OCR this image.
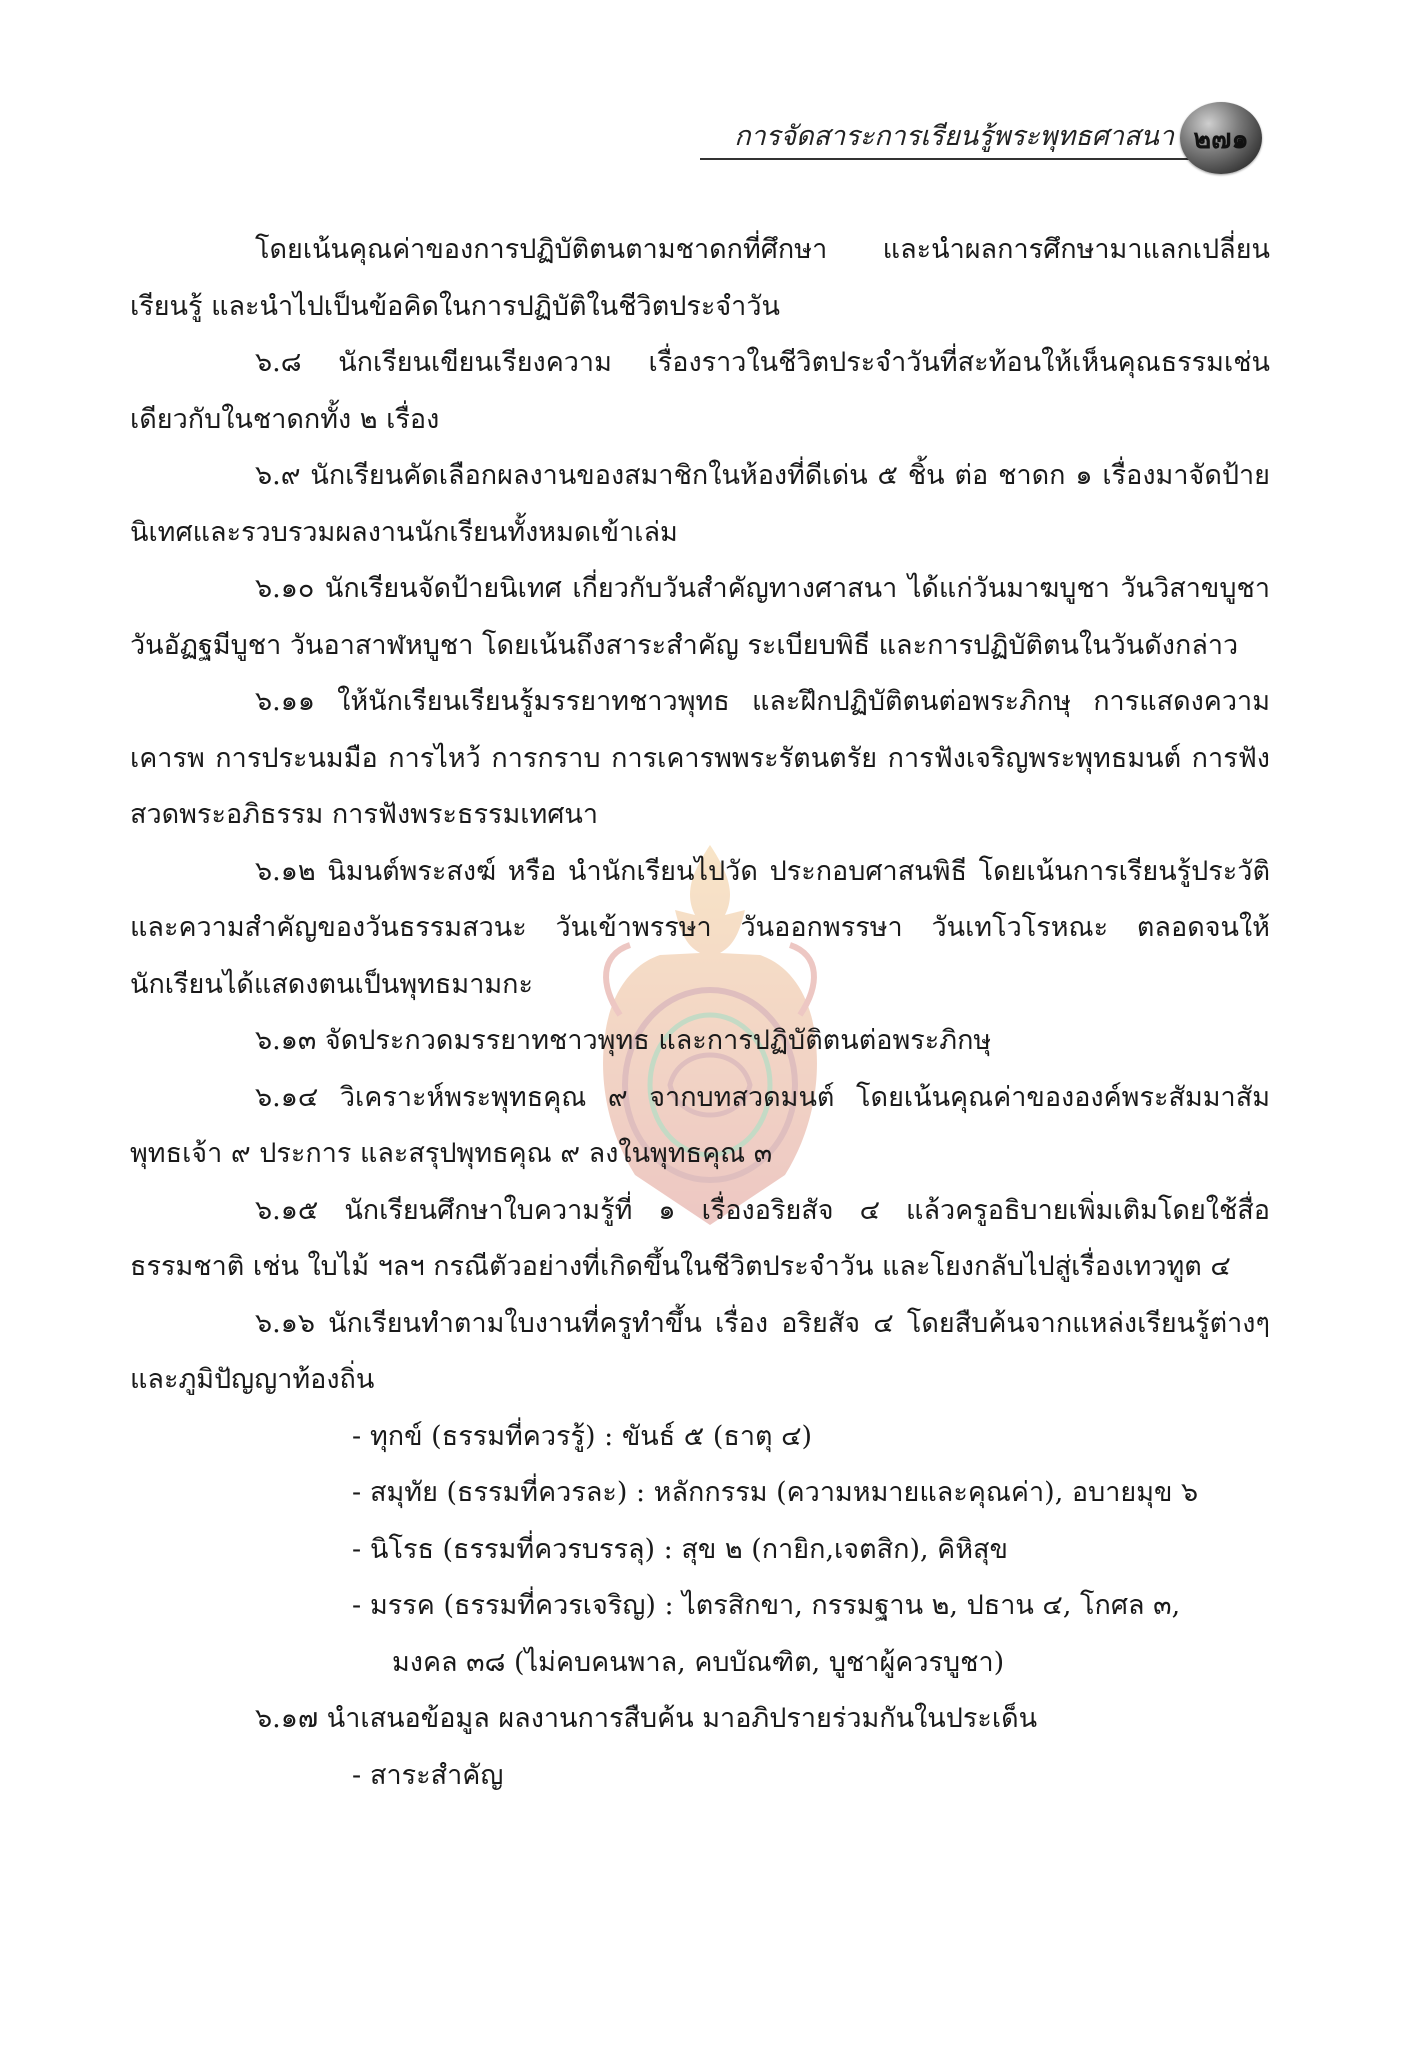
การจัดสาระการเรียนรู้พระพุทธศาสนา ๒๗๑

โดยเน้นคุณค่าของการปฏิบัติตนตามชาดกที่ศึกษา และนำผลการศึกษามาแลกเปลี่ยนเรียนรู้ และนำไปเป็นข้อคิดในการปฏิบัติในชีวิตประจำวัน

๖.๘ นักเรียนเขียนเรียงความ เรื่องราวในชีวิตประจำวันที่สะท้อนให้เห็นคุณธรรมเช่นเดียวกับในชาดกทั้ง ๒ เรื่อง

๖.๙ นักเรียนคัดเลือกผลงานของสมาชิกในห้องที่ดีเด่น ๕ ชิ้น ต่อ ชาดก ๑ เรื่องมาจัดป้ายนิเทศและรวบรวมผลงานนักเรียนทั้งหมดเข้าเล่ม

๖.๑๐ นักเรียนจัดป้ายนิเทศ เกี่ยวกับวันสำคัญทางศาสนา ได้แก่วันมาฆบูชา วันวิสาขบูชา วันอัฏฐมีบูชา วันอาสาฬหบูชา โดยเน้นถึงสาระสำคัญ ระเบียบพิธี และการปฏิบัติตนในวันดังกล่าว

๖.๑๑ ให้นักเรียนเรียนรู้มรรยาทชาวพุทธ และฝึกปฏิบัติตนต่อพระภิกษุ การแสดงความเคารพ การประนมมือ การไหว้ การกราบ การเคารพพระรัตนตรัย การฟังเจริญพระพุทธมนต์ การฟังสวดพระอภิธรรม การฟังพระธรรมเทศนา

๖.๑๒ นิมนต์พระสงฆ์ หรือ นำนักเรียนไปวัด ประกอบศาสนพิธี โดยเน้นการเรียนรู้ประวัติ และความสำคัญของวันธรรมสวนะ วันเข้าพรรษา วันออกพรรษา วันเทโวโรหณะ ตลอดจนให้นักเรียนได้แสดงตนเป็นพุทธมามกะ

๖.๑๓ จัดประกวดมรรยาทชาวพุทธ และการปฏิบัติตนต่อพระภิกษุ

๖.๑๔ วิเคราะห์พระพุทธคุณ ๙ จากบทสวดมนต์ โดยเน้นคุณค่าขององค์พระสัมมาสัมพุทธเจ้า ๙ ประการ และสรุปพุทธคุณ ๙ ลงในพุทธคุณ ๓

๖.๑๕ นักเรียนศึกษาใบความรู้ที่ ๑ เรื่องอริยสัจ ๔ แล้วครูอธิบายเพิ่มเติมโดยใช้สื่อธรรมชาติ เช่น ใบไม้ ฯลฯ กรณีตัวอย่างที่เกิดขึ้นในชีวิตประจำวัน และโยงกลับไปสู่เรื่องเทวทูต ๔

๖.๑๖ นักเรียนทำตามใบงานที่ครูทำขึ้น เรื่อง อริยสัจ ๔ โดยสืบค้นจากแหล่งเรียนรู้ต่างๆ และภูมิปัญญาท้องถิ่น

- ทุกข์ (ธรรมที่ควรรู้) : ขันธ์ ๕ (ธาตุ ๔)
- สมุทัย (ธรรมที่ควรละ) : หลักกรรม (ความหมายและคุณค่า), อบายมุข ๖
- นิโรธ (ธรรมที่ควรบรรลุ) : สุข ๒ (กายิก,เจตสิก), คิหิสุข
- มรรค (ธรรมที่ควรเจริญ) : ไตรสิกขา, กรรมฐาน ๒, ปธาน ๔, โกศล ๓,
มงคล ๓๘ (ไม่คบคนพาล, คบบัณฑิต, บูชาผู้ควรบูชา)

๖.๑๗ นำเสนอข้อมูล ผลงานการสืบค้น มาอภิปรายร่วมกันในประเด็น

- สาระสำคัญ
